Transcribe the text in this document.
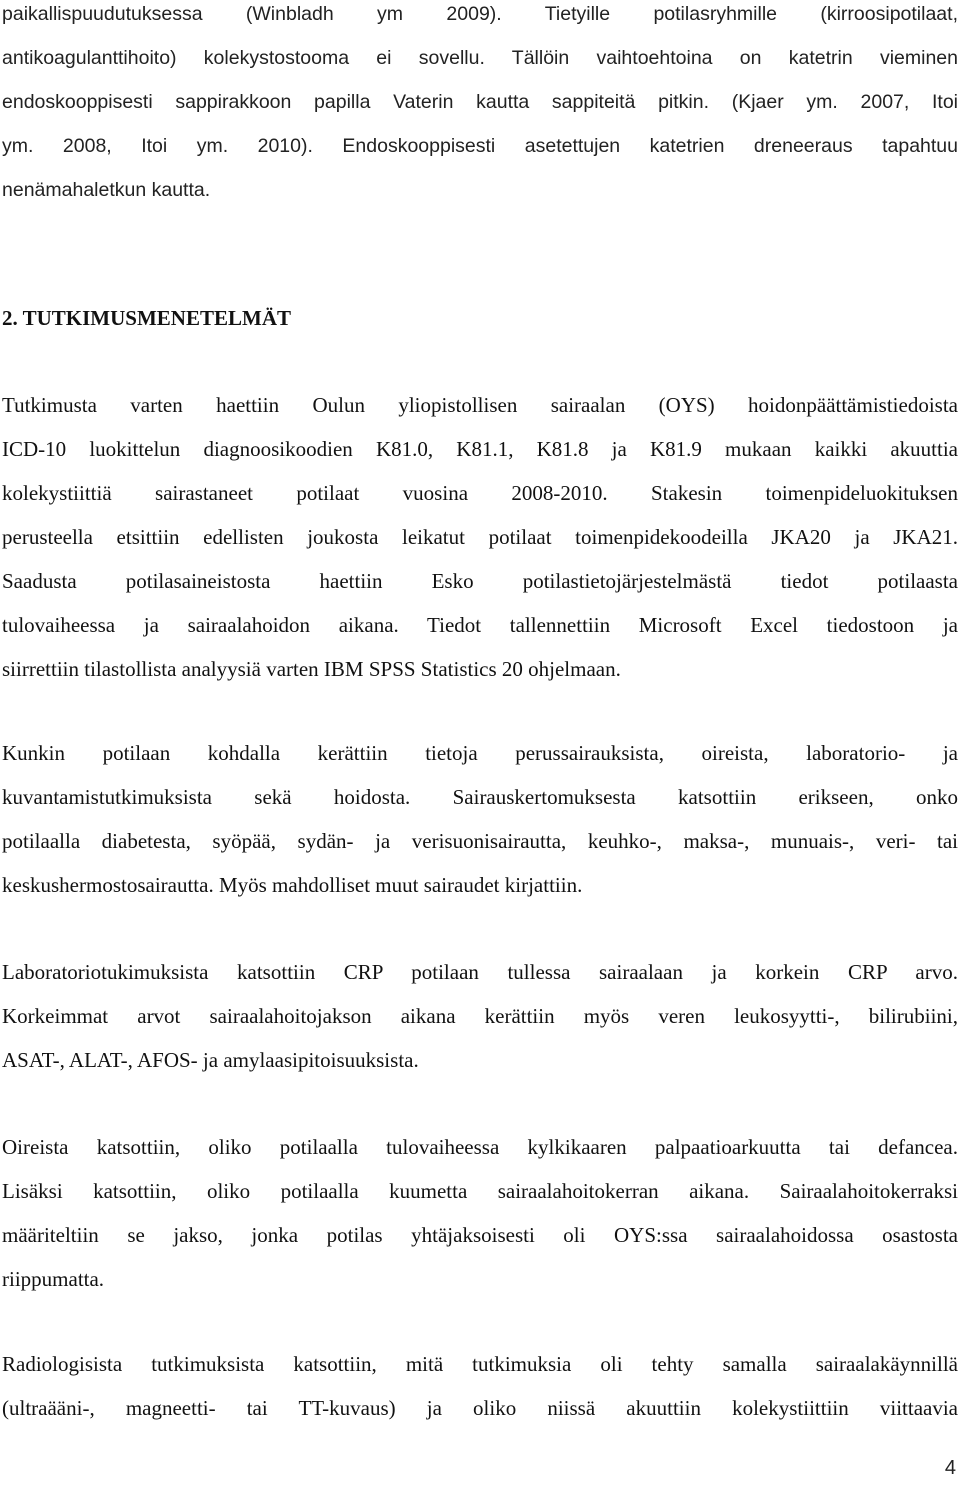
paikallispuudutuksessa (Winbladh ym 2009). Tietyille potilasryhmille (kirroosipotilaat,
antikoagulanttihoito) kolekystostooma ei sovellu. Tällöin vaihtoehtoina on katetrin vieminen
endoskooppisesti sappirakkoon papilla Vaterin kautta sappiteitä pitkin. (Kjaer ym. 2007, Itoi
ym. 2008, Itoi ym. 2010). Endoskooppisesti asetettujen katetrien dreneeraus tapahtuu
nenämahaletkun kautta.
2. TUTKIMUSMENETELMÄT
Tutkimusta varten haettiin Oulun yliopistollisen sairaalan (OYS) hoidonpäättämistiedoista
ICD-10 luokittelun diagnoosikoodien K81.0, K81.1, K81.8 ja K81.9 mukaan kaikki akuuttia
kolekystiittiä sairastaneet potilaat vuosina 2008-2010. Stakesin toimenpideluokituksen
perusteella etsittiin edellisten joukosta leikatut potilaat toimenpidekoodeilla JKA20 ja JKA21.
Saadusta potilasaineistosta haettiin Esko potilastietojärjestelmästä tiedot potilaasta
tulovaiheessa ja sairaalahoidon aikana. Tiedot tallennettiin Microsoft Excel tiedostoon ja
siirrettiin tilastollista analyysiä varten IBM SPSS Statistics 20 ohjelmaan.
Kunkin potilaan kohdalla kerättiin tietoja perussairauksista, oireista, laboratorio- ja
kuvantamistutkimuksista sekä hoidosta. Sairauskertomuksesta katsottiin erikseen, onko
potilaalla diabetesta, syöpää, sydän- ja verisuonisairautta, keuhko-, maksa-, munuais-, veri- tai
keskushermostosairautta. Myös mahdolliset muut sairaudet kirjattiin.
Laboratoriotukimuksista katsottiin CRP potilaan tullessa sairaalaan ja korkein CRP arvo.
Korkeimmat arvot sairaalahoitojakson aikana kerättiin myös veren leukosyytti-, bilirubiini,
ASAT-, ALAT-, AFOS- ja amylaasipitoisuuksista.
Oireista katsottiin, oliko potilaalla tulovaiheessa kylkikaaren palpaatioarkuutta tai defancea.
Lisäksi katsottiin, oliko potilaalla kuumetta sairaalahoitokerran aikana. Sairaalahoitokerraksi
määriteltiin se jakso, jonka potilas yhtäjaksoisesti oli OYS:ssa sairaalahoidossa osastosta
riippumatta.
Radiologisista tutkimuksista katsottiin, mitä tutkimuksia oli tehty samalla sairaalakäynnillä
(ultraääni-, magneetti- tai TT-kuvaus) ja oliko niissä akuuttiin kolekystiittiin viittaavia
4
